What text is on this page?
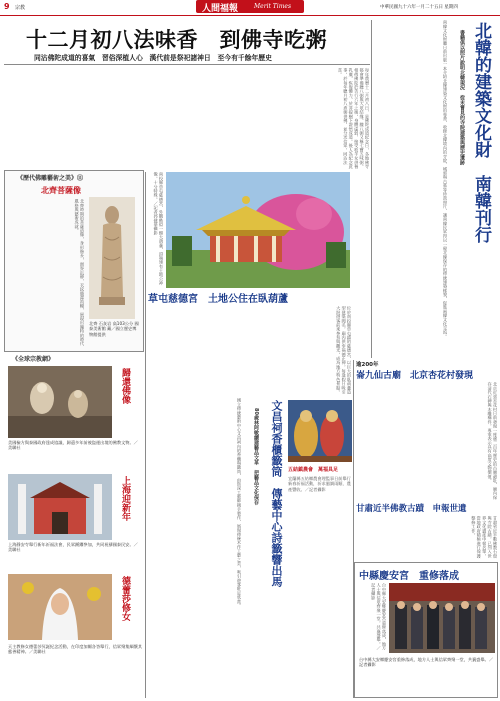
9 宗教	人間福報	Merit Times	中華民國九十六年一月二十五日 星期四
十二月初八法味香　到佛寺吃粥
同沾佛陀成道的喜氣　習俗深植人心　漢代前是祭祀諸神日　至今有千餘年歷史
每年農曆十二月初八日，是佛陀成道紀念日，各地佛寺都會準備臘八粥與大眾結緣。臘八粥又稱七寶五味粥，相傳佛陀於苦行六年之後，身體虛弱，接受牧羊女供養乳糜，恢復體力，於菩提樹下證悟成道。後人為紀念此事，於每年臘月初八煮粥供佛，並分送信眾，同沾法喜。
《歷代佛雕藝術之美》⑪
北齊菩薩像
北齊 石灰岩 高103公分 國泰美術館 藏／國立歷史博物館提供
北齊時期的菩薩造像，身形修長，面容沉靜，衣紋簡潔流暢，展現出獨特的時代風格與藝術成就。
《全球宗教網》
歸還佛像
美國檢方與泰國政府達成協議，歸還多年前被盜運出境的佛教文物。／美聯社
上海迎新年
上海靜安寺舉行新年祈福法會，民眾踴躍參加，共同祝禱國泰民安。／美聯社
德蕾莎修女
天主教修女德蕾莎冥誕紀念活動，在印度加爾各答舉行，信眾聚集緬懷其慈善精神。／美聯社
南投縣草屯慈德宮，外觀酷似一顆大葫蘆，頂端建有土地公神像，十分特殊。／記者郭健華攝影
草屯慈德宮　土地公住在臥葫蘆
位於南投縣草屯鎮的慈德宮，以巨大的臥葫蘆造型建築聞名，廟內供奉福德正神，每逢假日吸引大批遊客前來參拜與觀光，成為地方特色景點。
北韓的建築文化財　南韓刊行
書籍俱以照片說明北韓現況　從未嘗見的寺院建築與歷史遺跡
南韓文化財廳日前出版一本介紹北韓建築文化財的專書，收錄北韓境內的寺院、城郭與古墓等珍貴照片，讓南韓民眾得以一窺北韓保存的傳統建築樣貌，促進兩韓文化交流。
文昌祠香櫃籤筒　傳藝中心詩籤響出馬
80歲林阿敏續建藝品文革　把藝品文化保存
國立傳統藝術中心文昌祠內的香櫃與籤筒，由資深工藝師親手製作，展現傳統木作工藝之美，吸引遊客駐足欣賞。	五結鎮農會　萬福具足
宜蘭縣五結鄉農會理監事日前舉行新春祈福活動，祈求風調雨順、農產豐收。／記者攝影
逾200年
崙九仙古廟　北京杏花村發現
北京近郊杏花村日前發現一座逾二百年歷史的古廟遺址，廟內保存清代石碑與木雕構件，專家表示具有高度文物價值。
甘肅近半佛教古蹟　申報世遺
甘肅省近半數佛教石窟與寺院古蹟，已列入世界文化遺產申報名單，當地政府積極進行保護整修工作。
中縣慶安宮　重修落成
台中縣大安鄉慶安宮重修落成，地方人士與信眾齊聚一堂，共襄盛舉。／記者攝影
台中縣大安鄉慶安宮重修落成，地方人士與信眾齊聚一堂，共襄盛舉。／記者攝影
